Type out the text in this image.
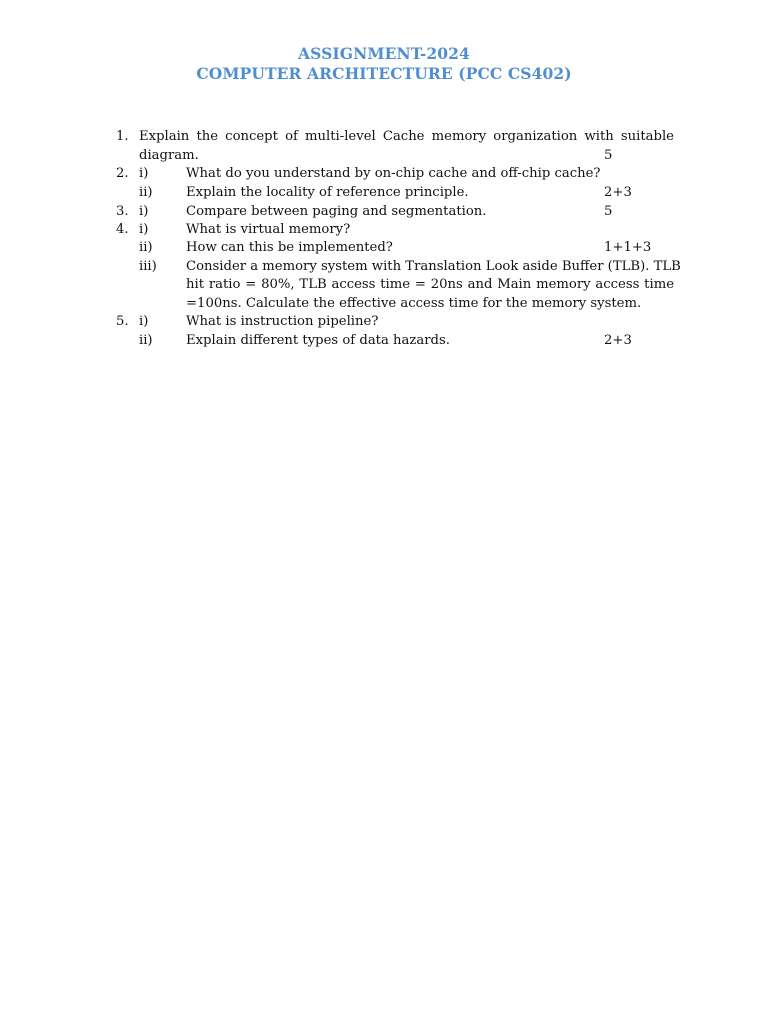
ASSIGNMENT-2024
COMPUTER ARCHITECTURE (PCC CS402)
1. Explain the concept of multi-level Cache memory organization with suitable
diagram.	5
2. i)	What do you understand by on-chip cache and off-chip cache?
ii)	Explain the locality of reference principle.	2+3
3. i)	Compare between paging and segmentation.	5
4. i)	What is virtual memory?
ii)	How can this be implemented?	1+1+3
iii) Consider a memory system with Translation Look aside Buffer (TLB). TLB
hit ratio = 80%, TLB access time = 20ns and Main memory access time
=100ns. Calculate the effective access time for the memory system.
5. i)	What is instruction pipeline?
ii)	Explain different types of data hazards.	2+3
